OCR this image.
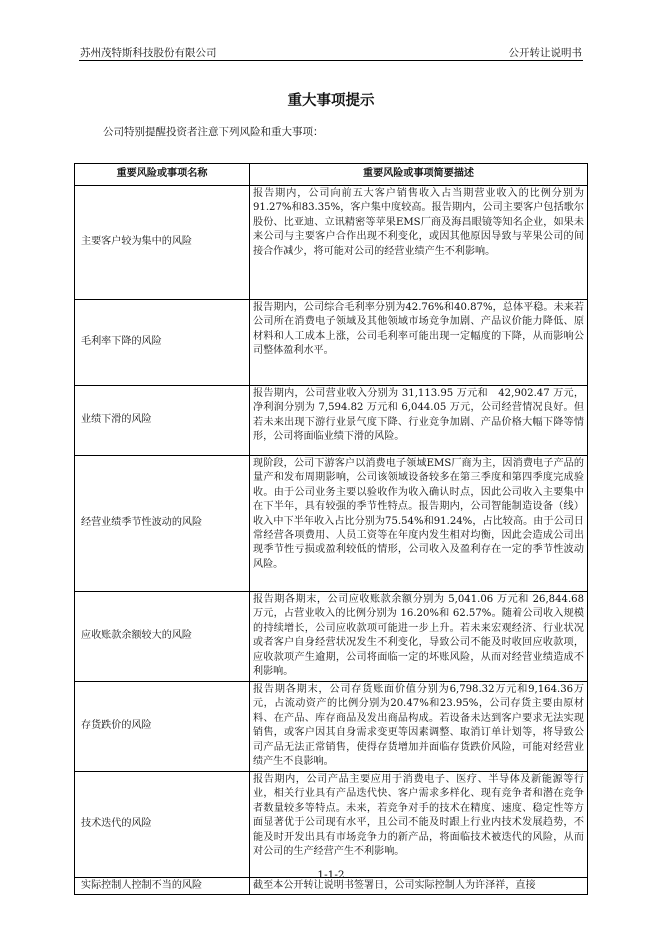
苏州茂特斯科技股份有限公司	公开转让说明书
重大事项提示
公司特别提醒投资者注意下列风险和重大事项：
重要风险或事项名称	重要风险或事项简要描述
主要客户较为集中的风险	报告期内，公司向前五大客户销售收入占当期营业收入的比例分别为91.27%和83.35%，客户集中度较高。报告期内，公司主要客户包括歌尔股份、比亚迪、立讯精密等苹果EMS厂商及海昌眼镜等知名企业，如果未来公司与主要客户合作出现不利变化，或因其他原因导致与苹果公司的间接合作减少，将可能对公司的经营业绩产生不利影响。
毛利率下降的风险	报告期内，公司综合毛利率分别为42.76%和40.87%，总体平稳。未来若公司所在消费电子领域及其他领域市场竞争加剧、产品议价能力降低、原材料和人工成本上涨，公司毛利率可能出现一定幅度的下降，从而影响公司整体盈利水平。
业绩下滑的风险	报告期内，公司营业收入分别为 31,113.95 万元和　42,902.47 万元，净利润分别为 7,594.82 万元和 6,044.05 万元，公司经营情况良好。但若未来出现下游行业景气度下降、行业竞争加剧、产品价格大幅下降等情形，公司将面临业绩下滑的风险。
经营业绩季节性波动的风险	现阶段，公司下游客户以消费电子领域EMS厂商为主，因消费电子产品的量产和发布周期影响，公司该领域设备较多在第三季度和第四季度完成验收。由于公司业务主要以验收作为收入确认时点，因此公司收入主要集中在下半年，具有较强的季节性特点。报告期内，公司智能制造设备（线）收入中下半年收入占比分别为75.54%和91.24%，占比较高。由于公司日常经营各项费用、人员工资等在年度内发生相对均衡，因此会造成公司出现季节性亏损或盈利较低的情形，公司收入及盈利存在一定的季节性波动风险。
应收账款余额较大的风险	报告期各期末，公司应收账款余额分别为 5,041.06 万元和 26,844.68 万元，占营业收入的比例分别为 16.20%和 62.57%。随着公司收入规模的持续增长，公司应收款项可能进一步上升。若未来宏观经济、行业状况或者客户自身经营状况发生不利变化，导致公司不能及时收回应收款项，应收款项产生逾期，公司将面临一定的坏账风险，从而对经营业绩造成不利影响。
存货跌价的风险	报告期各期末，公司存货账面价值分别为6,798.32万元和9,164.36万元，占流动资产的比例分别为20.47%和23.95%，公司存货主要由原材料、在产品、库存商品及发出商品构成。若设备未达到客户要求无法实现销售，或客户因其自身需求变更等因素调整、取消订单计划等，将导致公司产品无法正常销售，使得存货增加并面临存货跌价风险，可能对经营业绩产生不良影响。
技术迭代的风险	报告期内，公司产品主要应用于消费电子、医疗、半导体及新能源等行业，相关行业具有产品迭代快、客户需求多样化、现有竞争者和潜在竞争者数量较多等特点。未来，若竞争对手的技术在精度、速度、稳定性等方面显著优于公司现有水平，且公司不能及时跟上行业内技术发展趋势，不能及时开发出具有市场竞争力的新产品，将面临技术被迭代的风险，从而对公司的生产经营产生不利影响。
实际控制人控制不当的风险	截至本公开转让说明书签署日，公司实际控制人为许泽祥，直接
1-1-2
